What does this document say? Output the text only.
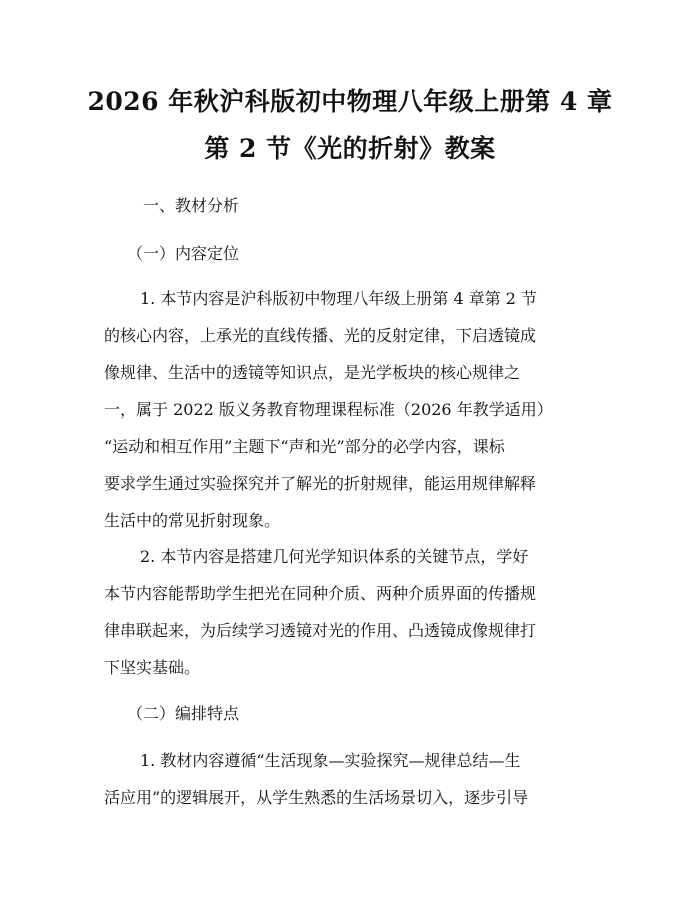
2026 年秋沪科版初中物理八年级上册第 4 章
第 2 节《光的折射》教案
一、教材分析
（一）内容定位
1. 本节内容是沪科版初中物理八年级上册第 4 章第 2 节
的核心内容，上承光的直线传播、光的反射定律，下启透镜成
像规律、生活中的透镜等知识点，是光学板块的核心规律之
一，属于 2022 版义务教育物理课程标准（2026 年教学适用）
“运动和相互作用”主题下“声和光”部分的必学内容，课标
要求学生通过实验探究并了解光的折射规律，能运用规律解释
生活中的常见折射现象。
2. 本节内容是搭建几何光学知识体系的关键节点，学好
本节内容能帮助学生把光在同种介质、两种介质界面的传播规
律串联起来，为后续学习透镜对光的作用、凸透镜成像规律打
下坚实基础。
（二）编排特点
1. 教材内容遵循“生活现象—实验探究—规律总结—生
活应用”的逻辑展开，从学生熟悉的生活场景切入，逐步引导
